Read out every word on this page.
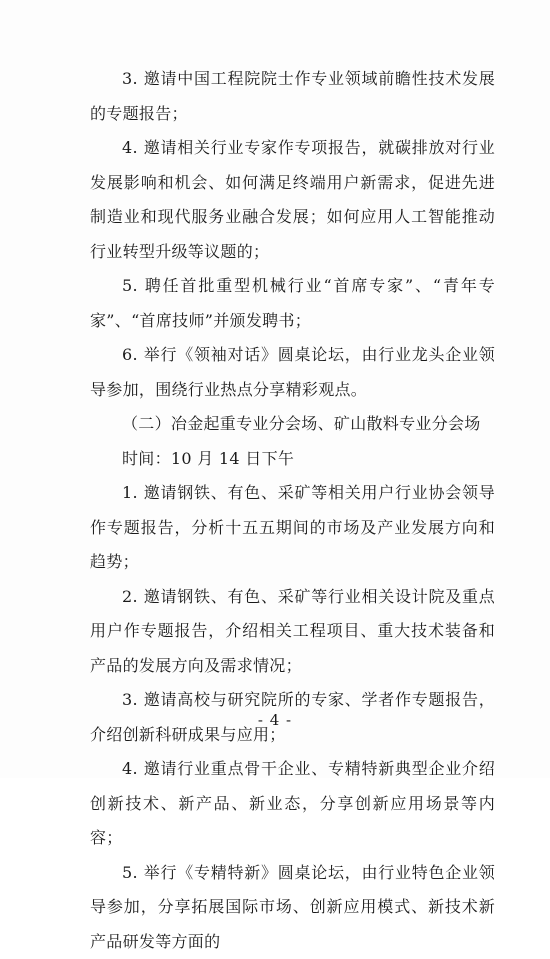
3. 邀请中国工程院院士作专业领域前瞻性技术发展的专题报告；

4. 邀请相关行业专家作专项报告，就碳排放对行业发展影响和机会、如何满足终端用户新需求，促进先进制造业和现代服务业融合发展；如何应用人工智能推动行业转型升级等议题的；

5. 聘任首批重型机械行业“首席专家”、“青年专家”、“首席技师”并颁发聘书；

6. 举行《领袖对话》圆桌论坛，由行业龙头企业领导参加，围绕行业热点分享精彩观点。

（二）冶金起重专业分会场、矿山散料专业分会场

时间：10 月 14 日下午

1. 邀请钢铁、有色、采矿等相关用户行业协会领导作专题报告，分析十五五期间的市场及产业发展方向和趋势；

2. 邀请钢铁、有色、采矿等行业相关设计院及重点用户作专题报告，介绍相关工程项目、重大技术装备和产品的发展方向及需求情况；

3. 邀请高校与研究院所的专家、学者作专题报告，介绍创新科研成果与应用；

4. 邀请行业重点骨干企业、专精特新典型企业介绍创新技术、新产品、新业态，分享创新应用场景等内容；

5. 举行《专精特新》圆桌论坛，由行业特色企业领导参加，分享拓展国际市场、创新应用模式、新技术新产品研发等方面的

- 4 -
